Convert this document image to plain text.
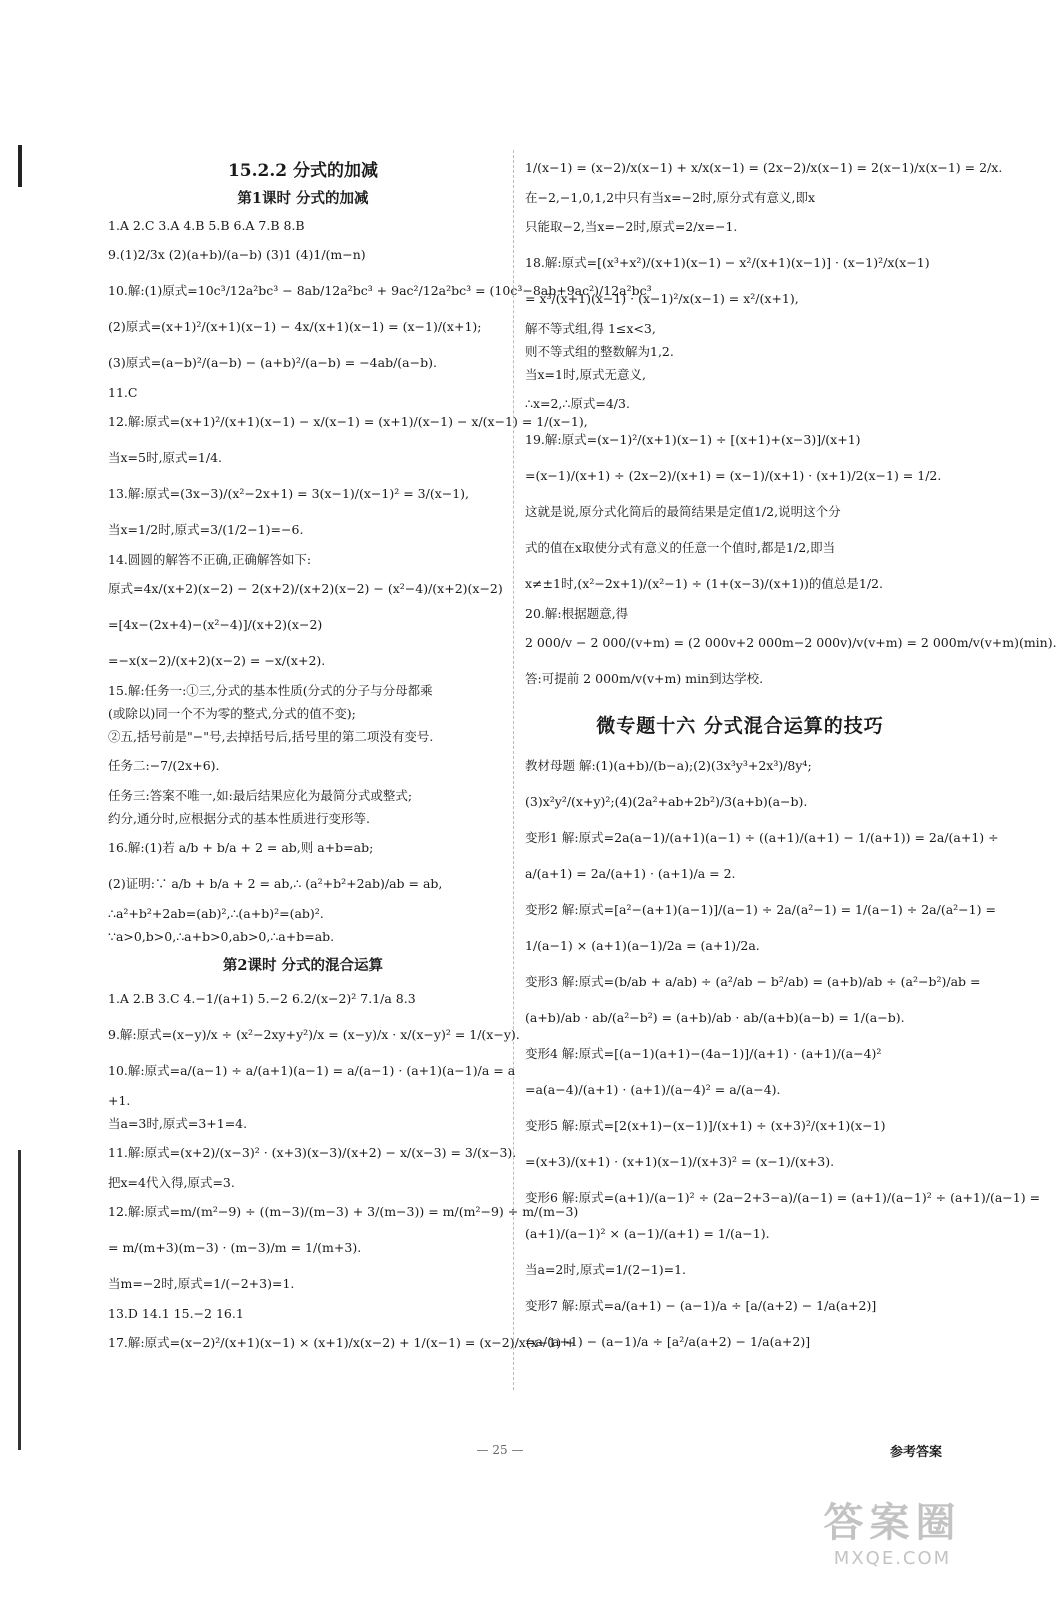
15.2.2 分式的加减
第1课时 分式的加减
1.A 2.C 3.A 4.B 5.B 6.A 7.B 8.B
9.(1)2/3x (2)(a+b)/(a−b) (3)1 (4)1/(m−n)
10.解:(1)原式=10c³/12a²bc³ − 8ab/12a²bc³ + 9ac²/12a²bc³ = (10c³−8ab+9ac²)/12a²bc³
(2)原式=(x+1)²/(x+1)(x−1) − 4x/(x+1)(x−1) = (x−1)/(x+1);
(3)原式=(a−b)²/(a−b) − (a+b)²/(a−b) = −4ab/(a−b).
11.C
12.解:原式=(x+1)²/(x+1)(x−1) − x/(x−1) = (x+1)/(x−1) − x/(x−1) = 1/(x−1),
当x=5时,原式=1/4.
13.解:原式=(3x−3)/(x²−2x+1) = 3(x−1)/(x−1)² = 3/(x−1),
当x=1/2时,原式=3/(1/2−1)=−6.
14.圆圆的解答不正确,正确解答如下:
原式=4x/(x+2)(x−2) − 2(x+2)/(x+2)(x−2) − (x²−4)/(x+2)(x−2)
=[4x−(2x+4)−(x²−4)]/(x+2)(x−2)
=−x(x−2)/(x+2)(x−2) = −x/(x+2).
15.解:任务一:①三,分式的基本性质(分式的分子与分母都乘
(或除以)同一个不为零的整式,分式的值不变);
②五,括号前是"−"号,去掉括号后,括号里的第二项没有变号.
任务二:−7/(2x+6).
任务三:答案不唯一,如:最后结果应化为最简分式或整式;
约分,通分时,应根据分式的基本性质进行变形等.
16.解:(1)若 a/b + b/a + 2 = ab,则 a+b=ab;
(2)证明:∵ a/b + b/a + 2 = ab,∴ (a²+b²+2ab)/ab = ab,
∴a²+b²+2ab=(ab)²,∴(a+b)²=(ab)².
∵a>0,b>0,∴a+b>0,ab>0,∴a+b=ab.
第2课时 分式的混合运算
1.A 2.B 3.C 4.−1/(a+1) 5.−2 6.2/(x−2)² 7.1/a 8.3
9.解:原式=(x−y)/x ÷ (x²−2xy+y²)/x = (x−y)/x · x/(x−y)² = 1/(x−y).
10.解:原式=a/(a−1) ÷ a/(a+1)(a−1) = a/(a−1) · (a+1)(a−1)/a = a
+1.
当a=3时,原式=3+1=4.
11.解:原式=(x+2)/(x−3)² · (x+3)(x−3)/(x+2) − x/(x−3) = 3/(x−3).
把x=4代入得,原式=3.
12.解:原式=m/(m²−9) ÷ ((m−3)/(m−3) + 3/(m−3)) = m/(m²−9) ÷ m/(m−3)
= m/(m+3)(m−3) · (m−3)/m = 1/(m+3).
当m=−2时,原式=1/(−2+3)=1.
13.D 14.1 15.−2 16.1
17.解:原式=(x−2)²/(x+1)(x−1) × (x+1)/x(x−2) + 1/(x−1) = (x−2)/x(x−1) +
1/(x−1) = (x−2)/x(x−1) + x/x(x−1) = (2x−2)/x(x−1) = 2(x−1)/x(x−1) = 2/x.
在−2,−1,0,1,2中只有当x=−2时,原分式有意义,即x
只能取−2,当x=−2时,原式=2/x=−1.
18.解:原式=[(x³+x²)/(x+1)(x−1) − x²/(x+1)(x−1)] · (x−1)²/x(x−1)
= x³/(x+1)(x−1) · (x−1)²/x(x−1) = x²/(x+1),
解不等式组,得 1≤x<3,
则不等式组的整数解为1,2.
当x=1时,原式无意义,
∴x=2,∴原式=4/3.
19.解:原式=(x−1)²/(x+1)(x−1) ÷ [(x+1)+(x−3)]/(x+1)
=(x−1)/(x+1) ÷ (2x−2)/(x+1) = (x−1)/(x+1) · (x+1)/2(x−1) = 1/2.
这就是说,原分式化简后的最简结果是定值1/2,说明这个分
式的值在x取使分式有意义的任意一个值时,都是1/2,即当
x≠±1时,(x²−2x+1)/(x²−1) ÷ (1+(x−3)/(x+1))的值总是1/2.
20.解:根据题意,得
2 000/v − 2 000/(v+m) = (2 000v+2 000m−2 000v)/v(v+m) = 2 000m/v(v+m)(min).
答:可提前 2 000m/v(v+m) min到达学校.
微专题十六 分式混合运算的技巧
教材母题 解:(1)(a+b)/(b−a);(2)(3x³y³+2x³)/8y⁴;
(3)x²y²/(x+y)²;(4)(2a²+ab+2b²)/3(a+b)(a−b).
变形1 解:原式=2a(a−1)/(a+1)(a−1) ÷ ((a+1)/(a+1) − 1/(a+1)) = 2a/(a+1) ÷
a/(a+1) = 2a/(a+1) · (a+1)/a = 2.
变形2 解:原式=[a²−(a+1)(a−1)]/(a−1) ÷ 2a/(a²−1) = 1/(a−1) ÷ 2a/(a²−1) =
1/(a−1) × (a+1)(a−1)/2a = (a+1)/2a.
变形3 解:原式=(b/ab + a/ab) ÷ (a²/ab − b²/ab) = (a+b)/ab ÷ (a²−b²)/ab =
(a+b)/ab · ab/(a²−b²) = (a+b)/ab · ab/(a+b)(a−b) = 1/(a−b).
变形4 解:原式=[(a−1)(a+1)−(4a−1)]/(a+1) · (a+1)/(a−4)²
=a(a−4)/(a+1) · (a+1)/(a−4)² = a/(a−4).
变形5 解:原式=[2(x+1)−(x−1)]/(x+1) ÷ (x+3)²/(x+1)(x−1)
=(x+3)/(x+1) · (x+1)(x−1)/(x+3)² = (x−1)/(x+3).
变形6 解:原式=(a+1)/(a−1)² ÷ (2a−2+3−a)/(a−1) = (a+1)/(a−1)² ÷ (a+1)/(a−1) =
(a+1)/(a−1)² × (a−1)/(a+1) = 1/(a−1).
当a=2时,原式=1/(2−1)=1.
变形7 解:原式=a/(a+1) − (a−1)/a ÷ [a/(a+2) − 1/a(a+2)]
=a/(a+1) − (a−1)/a ÷ [a²/a(a+2) − 1/a(a+2)]
— 25 —	参考答案
答案圈
MXQE.COM
